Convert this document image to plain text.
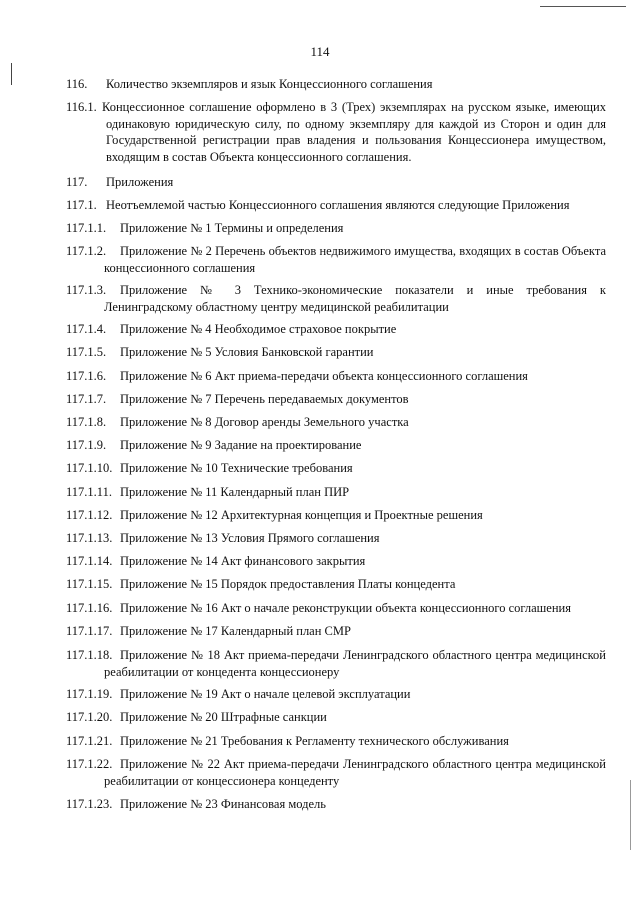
114
116. Количество экземпляров и язык Концессионного соглашения
116.1. Концессионное соглашение оформлено в 3 (Трех) экземплярах на русском языке, имеющих одинаковую юридическую силу, по одному экземпляру для каждой из Сторон и один для Государственной регистрации прав владения и пользования Концессионера имуществом, входящим в состав Объекта концессионного соглашения.
117. Приложения
117.1. Неотъемлемой частью Концессионного соглашения являются следующие Приложения
117.1.1. Приложение № 1 Термины и определения
117.1.2.	Приложение № 2 Перечень объектов недвижимого имущества, входящих в состав Объекта концессионного соглашения
117.1.3.	Приложение № 3 Технико-экономические показатели и иные требования к Ленинградскому областному центру медицинской реабилитации
117.1.4. Приложение № 4 Необходимое страховое покрытие
117.1.5. Приложение № 5 Условия Банковской гарантии
117.1.6. Приложение № 6 Акт приема-передачи объекта концессионного соглашения
117.1.7. Приложение № 7 Перечень передаваемых документов
117.1.8. Приложение № 8 Договор аренды Земельного участка
117.1.9. Приложение № 9 Задание на проектирование
117.1.10. Приложение № 10 Технические требования
117.1.11. Приложение № 11 Календарный план ПИР
117.1.12. Приложение № 12 Архитектурная концепция и Проектные решения
117.1.13. Приложение № 13 Условия Прямого соглашения
117.1.14. Приложение № 14 Акт финансового закрытия
117.1.15. Приложение № 15 Порядок предоставления Платы концедента
117.1.16. Приложение № 16 Акт о начале реконструкции объекта концессионного соглашения
117.1.17. Приложение № 17 Календарный план СМР
117.1.18. Приложение № 18 Акт приема-передачи Ленинградского областного центра медицинской реабилитации от концедента концессионеру
117.1.19. Приложение № 19 Акт о начале целевой эксплуатации
117.1.20. Приложение № 20 Штрафные санкции
117.1.21. Приложение № 21 Требования к Регламенту технического обслуживания
117.1.22. Приложение № 22 Акт приема-передачи Ленинградского областного центра медицинской реабилитации от концессионера концеденту
117.1.23. Приложение № 23 Финансовая модель
